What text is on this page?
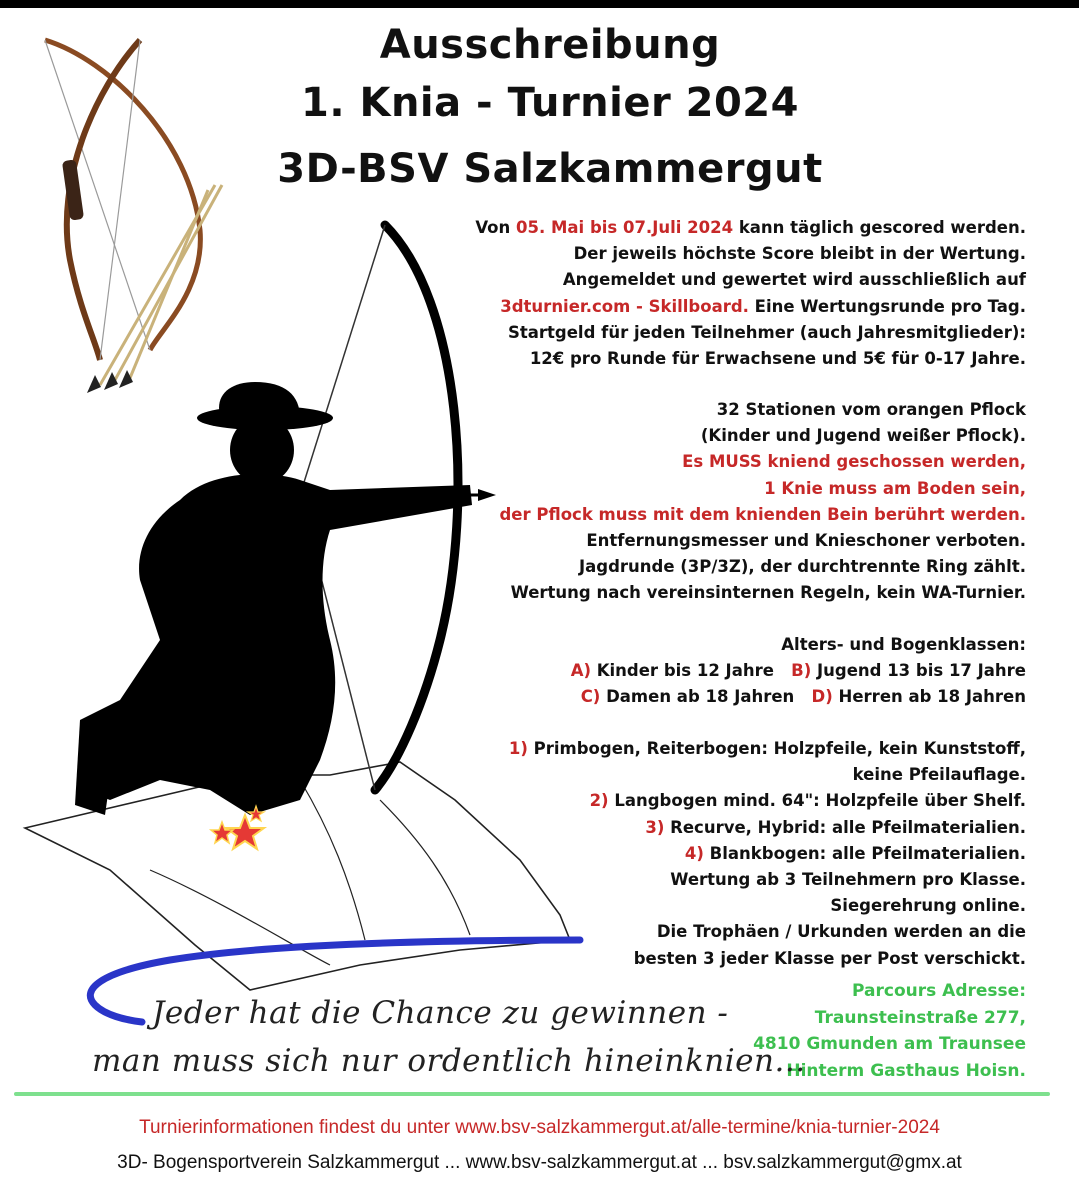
Ausschreibung
1. Knia - Turnier 2024
3D-BSV Salzkammergut
Von 05. Mai bis 07.Juli 2024 kann täglich gescored werden.
Der jeweils höchste Score bleibt in der Wertung.
Angemeldet und gewertet wird ausschließlich auf
3dturnier.com - Skillboard. Eine Wertungsrunde pro Tag.
Startgeld für jeden Teilnehmer (auch Jahresmitglieder):
12€ pro Runde für Erwachsene und 5€ für 0-17 Jahre.
32 Stationen vom orangen Pflock
(Kinder und Jugend weißer Pflock).
Es MUSS kniend geschossen werden,
1 Knie muss am Boden sein,
der Pflock muss mit dem knienden Bein berührt werden.
Entfernungsmesser und Knieschoner verboten.
Jagdrunde (3P/3Z), der durchtrennte Ring zählt.
Wertung nach vereinsinternen Regeln, kein WA-Turnier.
Alters- und Bogenklassen:
A) Kinder bis 12 Jahre B) Jugend 13 bis 17 Jahre
C) Damen ab 18 Jahren D) Herren ab 18 Jahren
1) Primbogen, Reiterbogen: Holzpfeile, kein Kunststoff,
keine Pfeilauflage.
2) Langbogen mind. 64": Holzpfeile über Shelf.
3) Recurve, Hybrid: alle Pfeilmaterialien.
4) Blankbogen: alle Pfeilmaterialien.
Wertung ab 3 Teilnehmern pro Klasse.
Siegerehrung online.
Die Trophäen / Urkunden werden an die
besten 3 jeder Klasse per Post verschickt.
Parcours Adresse:
Traunsteinstraße 277,
4810 Gmunden am Traunsee
Hinterm Gasthaus Hoisn.
Jeder hat die Chance zu gewinnen -
man muss sich nur ordentlich hineinknien...
Turnierinformationen findest du unter www.bsv-salzkammergut.at/alle-termine/knia-turnier-2024
3D- Bogensportverein Salzkammergut ... www.bsv-salzkammergut.at ... bsv.salzkammergut@gmx.at
